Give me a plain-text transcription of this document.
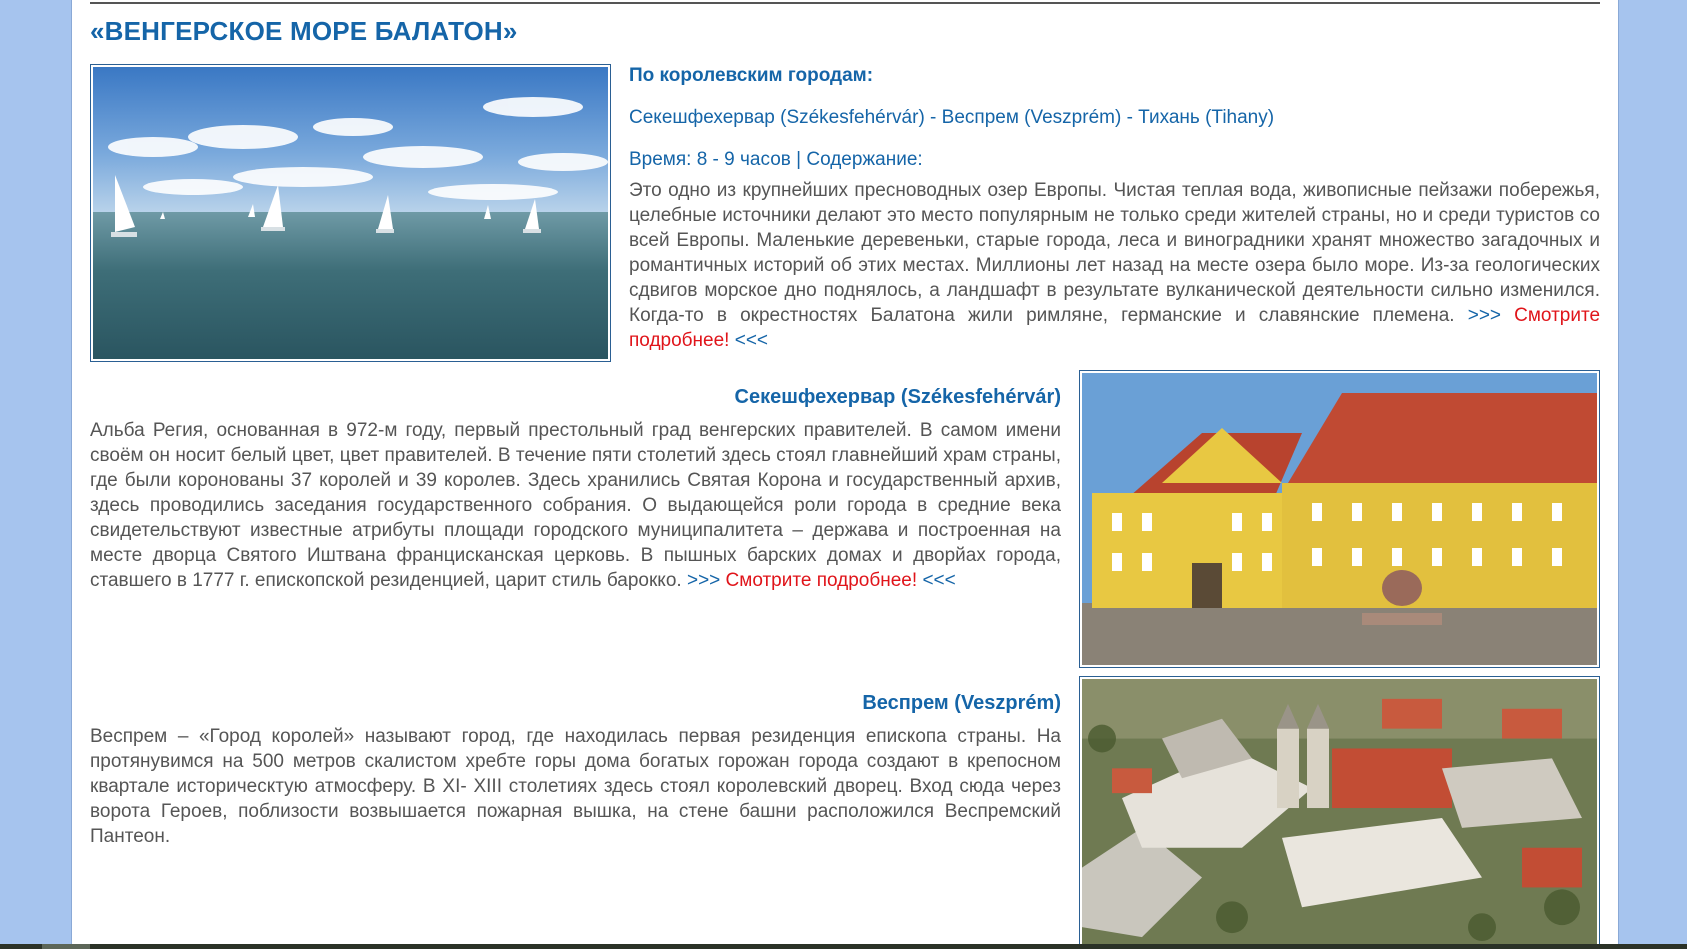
«ВЕНГЕРСКОЕ МОРЕ БАЛАТОН»

По королевским городам:

Секешфехервар (Székesfehérvár) - Веспрем (Veszprém) - Тихань (Tihany)

Время: 8 - 9 часов | Содержание:

Это одно из крупнейших пресноводных озер Европы. Чистая теплая вода, живописные пейзажи побережья, целебные источники делают это место популярным не только среди жителей страны, но и среди туристов со всей Европы. Маленькие деревеньки, старые города, леса и виноградники хранят множество загадочных и романтичных историй об этих местах. Миллионы лет назад на месте озера было море. Из-за геологических сдвигов морское дно поднялось, а ландшафт в результате вулканической деятельности сильно изменился. Когда-то в окрестностях Балатона жили римляне, германские и славянские племена. >>> Смотрите подробнее! <<<

Секешфехервар (Székesfehérvár)

Альба Регия, основанная в 972-м году, первый престольный град венгерских правителей. В самом имени своём он носит белый цвет, цвет правителей. В течение пяти столетий здесь стоял главнейший храм страны, где были коронованы 37 королей и 39 королев. Здесь хранились Святая Корона и государственный архив, здесь проводились заседания государственного собрания. О выдающейся роли города в средние века свидетельствуют известные атрибуты площади городского муниципалитета – держава и построенная на месте дворца Святого Иштвана францисканская церковь. В пышных барских домах и дворйах города, ставшего в 1777 г. епископской резиденцией, царит стиль барокко. >>> Смотрите подробнее! <<<

Веспрем (Veszprém)

Веспрем – «Город королей» называют город, где находилась первая резиденция епископа страны. На протянувимся на 500 метров скалистом хребте горы дома богатых горожан города создают в крепосном квартале историческтую атмосферу. В XI- XIII столетиях здесь стоял королевский дворец. Вход сюда через ворота Героев, поблизости возвышается пожарная вышка, на стене башни расположился Веспремский Пантеон.
